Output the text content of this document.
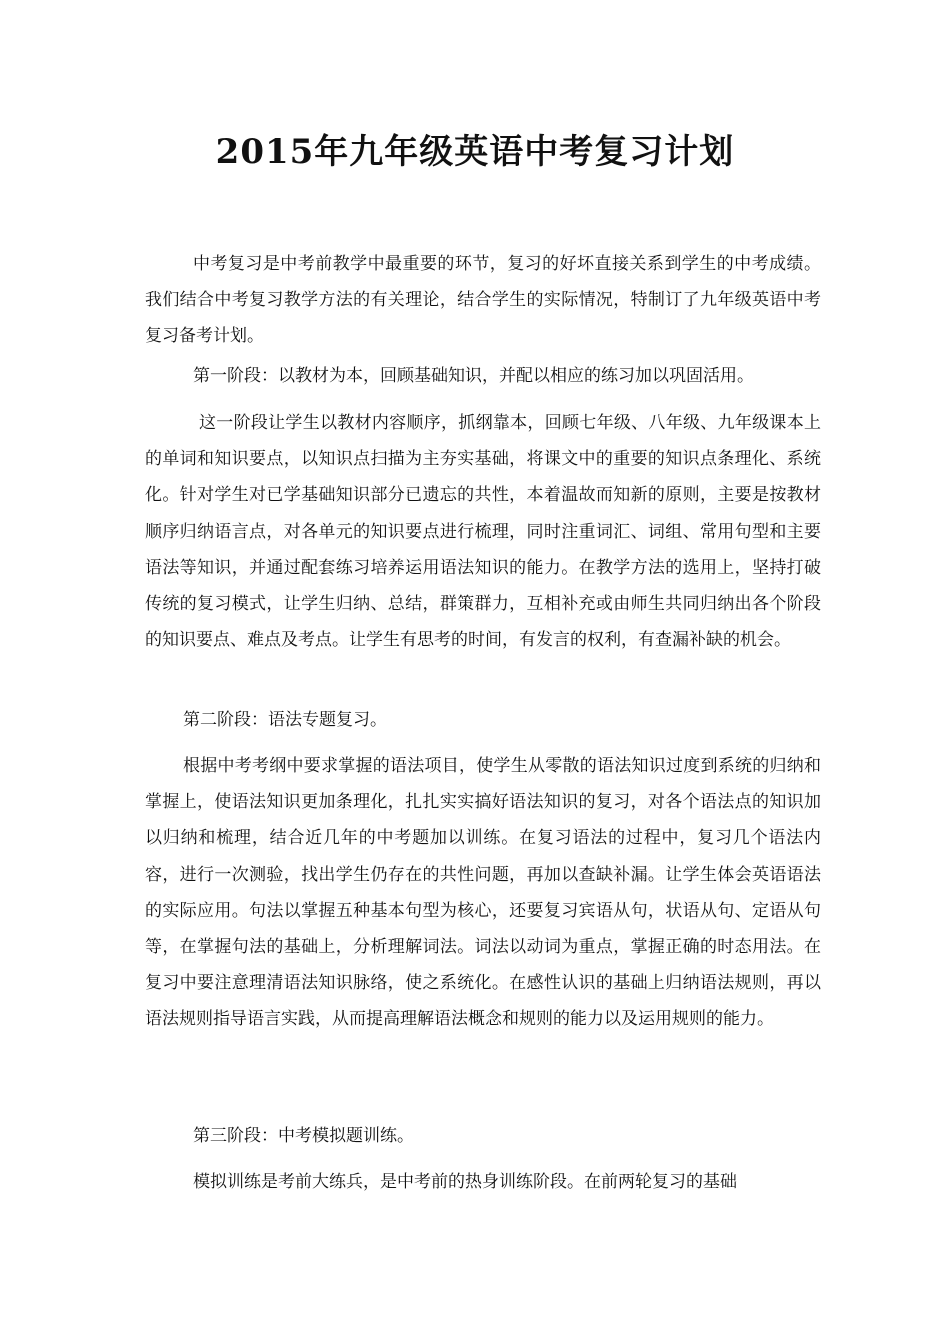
2015年九年级英语中考复习计划

中考复习是中考前教学中最重要的环节，复习的好坏直接关系到学生的中考成绩。我们结合中考复习教学方法的有关理论，结合学生的实际情况，特制订了九年级英语中考复习备考计划。

第一阶段：以教材为本，回顾基础知识，并配以相应的练习加以巩固活用。

这一阶段让学生以教材内容顺序，抓纲靠本，回顾七年级、八年级、九年级课本上的单词和知识要点，以知识点扫描为主夯实基础，将课文中的重要的知识点条理化、系统化。针对学生对已学基础知识部分已遗忘的共性，本着温故而知新的原则，主要是按教材顺序归纳语言点，对各单元的知识要点进行梳理，同时注重词汇、词组、常用句型和主要语法等知识，并通过配套练习培养运用语法知识的能力。在教学方法的选用上，坚持打破传统的复习模式，让学生归纳、总结，群策群力，互相补充或由师生共同归纳出各个阶段的知识要点、难点及考点。让学生有思考的时间，有发言的权利，有查漏补缺的机会。

第二阶段：语法专题复习。

根据中考考纲中要求掌握的语法项目，使学生从零散的语法知识过度到系统的归纳和掌握上，使语法知识更加条理化，扎扎实实搞好语法知识的复习，对各个语法点的知识加以归纳和梳理，结合近几年的中考题加以训练。在复习语法的过程中，复习几个语法内容，进行一次测验，找出学生仍存在的共性问题，再加以查缺补漏。让学生体会英语语法的实际应用。句法以掌握五种基本句型为核心，还要复习宾语从句，状语从句、定语从句等，在掌握句法的基础上，分析理解词法。词法以动词为重点，掌握正确的时态用法。在复习中要注意理清语法知识脉络，使之系统化。在感性认识的基础上归纳语法规则，再以语法规则指导语言实践，从而提高理解语法概念和规则的能力以及运用规则的能力。

第三阶段：中考模拟题训练。

模拟训练是考前大练兵，是中考前的热身训练阶段。在前两轮复习的基础
